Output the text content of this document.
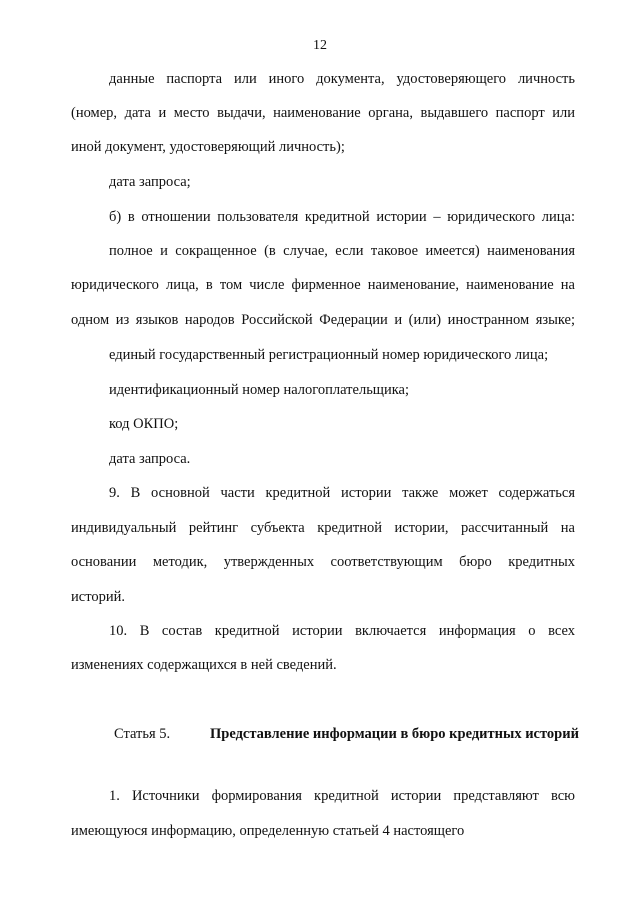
12
данные паспорта или иного документа, удостоверяющего личность
(номер, дата и место выдачи, наименование органа, выдавшего паспорт или
иной документ, удостоверяющий личность);
дата запроса;
б) в отношении пользователя кредитной истории – юридического лица:
полное и сокращенное (в случае, если таковое имеется) наименования
юридического лица, в том числе фирменное наименование, наименование на
одном из языков народов Российской Федерации и (или) иностранном языке;
единый государственный регистрационный номер юридического лица;
идентификационный номер налогоплательщика;
код ОКПО;
дата запроса.
9. В основной части кредитной истории также может содержаться
индивидуальный рейтинг субъекта кредитной истории, рассчитанный на
основании методик, утвержденных соответствующим бюро кредитных
историй.
10. В состав кредитной истории включается информация о всех
изменениях содержащихся в ней сведений.
Статья 5.	Представление информации в бюро кредитных историй
1. Источники формирования кредитной истории представляют всю
имеющуюся информацию, определенную статьей 4 настоящего
